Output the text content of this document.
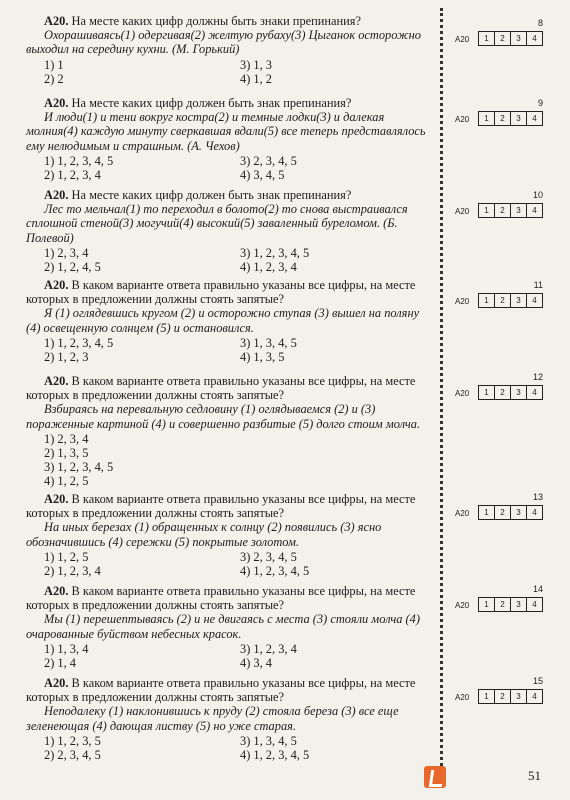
А20. На месте каких цифр должны быть знаки препинания?
Охорашиваясь(1) одергивая(2) желтую рубаху(3) Цыганок осторожно выходил на середину кухни. (М. Горький)
1) 1	3) 1, 3
2) 2	4) 1, 2
А20. На месте каких цифр должен быть знак препинания?
И люди(1) и тени вокруг костра(2) и темные лодки(3) и далекая молния(4) каждую минуту сверкавшая вдали(5) все теперь представлялось ему нелюдимым и страшным. (А. Чехов)
1) 1, 2, 3, 4, 5	3) 2, 3, 4, 5
2) 1, 2, 3, 4	4) 3, 4, 5
А20. На месте каких цифр должен быть знак препинания?
Лес то мельчал(1) то переходил в болото(2) то снова выстраивался сплошной стеной(3) могучий(4) высокий(5) заваленный буреломом. (Б. Полевой)
1) 2, 3, 4	3) 1, 2, 3, 4, 5
2) 1, 2, 4, 5	4) 1, 2, 3, 4
А20. В каком варианте ответа правильно указаны все цифры, на месте которых в предложении должны стоять запятые?
Я (1) оглядевшись кругом (2) и осторожно ступая (3) вышел на поляну (4) освещенную солнцем (5) и остановился.
1) 1, 2, 3, 4, 5	3) 1, 3, 4, 5
2) 1, 2, 3	4) 1, 3, 5
А20. В каком варианте ответа правильно указаны все цифры, на месте которых в предложении должны стоять запятые?
Взбираясь на перевальную седловину (1) оглядываемся (2) и (3) пораженные картиной (4) и совершенно разбитые (5) долго стоим молча.
1) 2, 3, 4
2) 1, 3, 5
3) 1, 2, 3, 4, 5
4) 1, 2, 5
А20. В каком варианте ответа правильно указаны все цифры, на месте которых в предложении должны стоять запятые?
На иных березах (1) обращенных к солнцу (2) появились (3) ясно обозначившись (4) сережки (5) покрытые золотом.
1) 1, 2, 5	3) 2, 3, 4, 5
2) 1, 2, 3, 4	4) 1, 2, 3, 4, 5
А20. В каком варианте ответа правильно указаны все цифры, на месте которых в предложении должны стоять запятые?
Мы (1) перешептываясь (2) и не двигаясь с места (3) стояли молча (4) очарованные буйством небесных красок.
1) 1, 3, 4	3) 1, 2, 3, 4
2) 1, 4	4) 3, 4
А20. В каком варианте ответа правильно указаны все цифры, на месте которых в предложении должны стоять запятые?
Неподалеку (1) наклонившись к пруду (2) стояла береза (3) все еще зеленеющая (4) дающая листву (5) но уже старая.
1) 1, 2, 3, 5	3) 1, 3, 4, 5
2) 2, 3, 4, 5	4) 1, 2, 3, 4, 5
8
А20	1	2	3	4
9
А20	1	2	3	4
10
А20	1	2	3	4
11
А20	1	2	3	4
12
А20	1	2	3	4
13
А20	1	2	3	4
14
А20	1	2	3	4
15
А20	1	2	3	4
51
